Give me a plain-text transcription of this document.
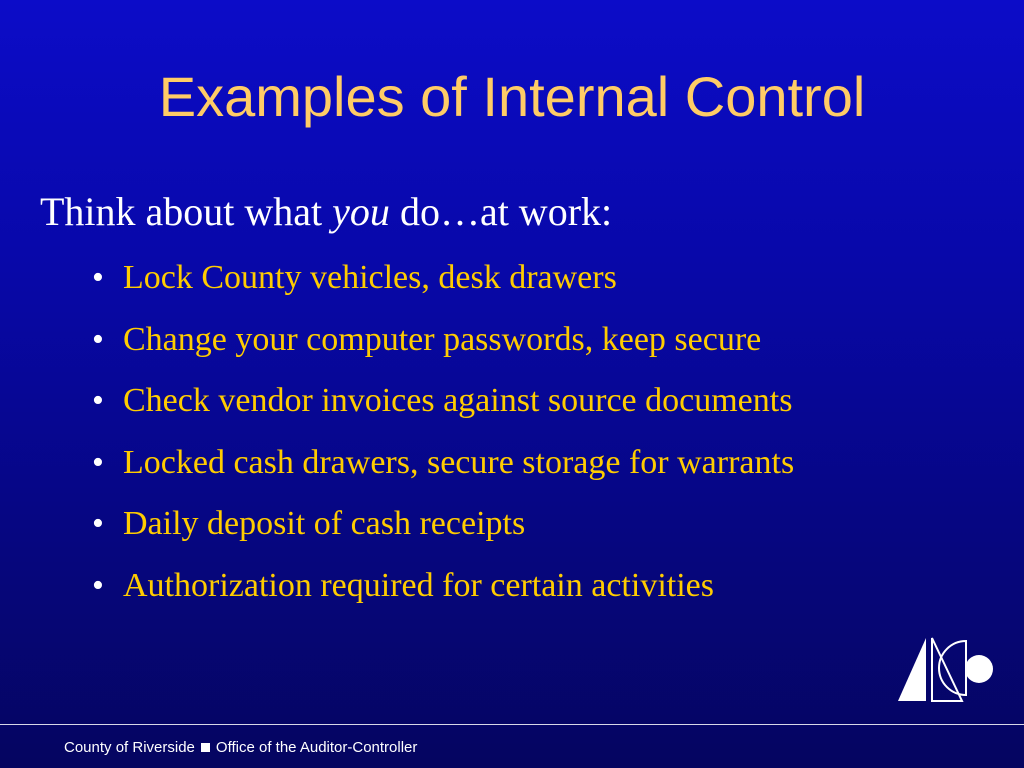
Examples of Internal Control
Think about what you do…at work:
• Lock County vehicles, desk drawers
• Change your computer passwords, keep secure
• Check vendor invoices against source documents
• Locked cash drawers, secure storage for warrants
• Daily deposit of cash receipts
• Authorization required for certain activities
County of Riverside Office of the Auditor-Controller
